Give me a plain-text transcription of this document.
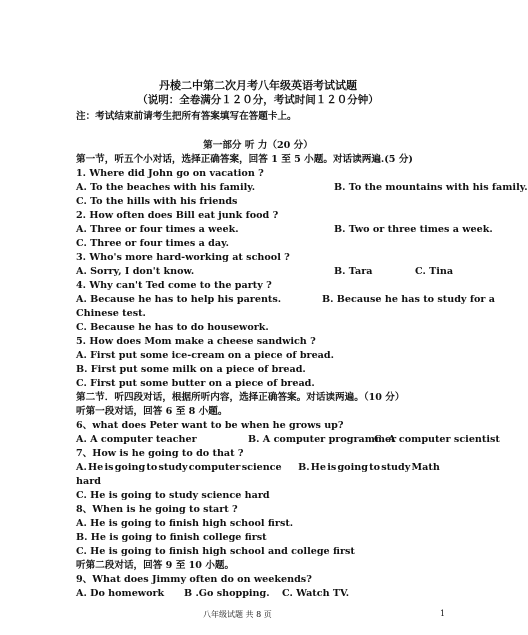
丹棱二中第二次月考八年级英语考试试题
（说明：全卷满分１２０分，考试时间１２０分钟）
注：考试结束前请考生把所有答案填写在答题卡上。
第一部分 听 力（20 分）
第一节，听五个小对话，选择正确答案，回答 1 至 5 小题。对话读两遍.(5 分)
1. Where did John go on vacation ?
A. To the beaches with his family.	B. To the mountains with his family.
C. To the hills with his friends
2. How often does Bill eat junk food ?
A. Three or four times a week.	B. Two or three times a week.
C. Three or four times a day.
3. Who's more hard-working at school ?
A. Sorry, I don't know.	B. Tara	C. Tina
4. Why can't Ted come to the party ?
A. Because he has to help his parents.	B. Because he has to study for a
Chinese test.
C. Because he has to do housework.
5. How does Mom make a cheese sandwich ?
A. First put some ice-cream on a piece of bread.
B. First put some milk on a piece of bread.
C. First put some butter on a piece of bread.
第二节．听四段对话，根据所听内容，选择正确答案。对话读两遍。（10 分）
听第一段对话，回答 6 至 8 小题。
6、what does Peter want to be when he grows up?
A. A computer teacher	B. A computer programmer
C. A computer scientist
7、How is he going to do that ?
A. He is going to study computer science B. He is going to study Math
hard
C. He is going to study science hard
8、When is he going to start ?
A. He is going to finish high school first.
B. He is going to finish college first
C. He is going to finish high school and college first
听第二段对话，回答 9 至 10 小题。
9、What does Jimmy often do on weekends?
A. Do homework B .Go shopping. C. Watch TV.
八年级试题 共 8 页	1
